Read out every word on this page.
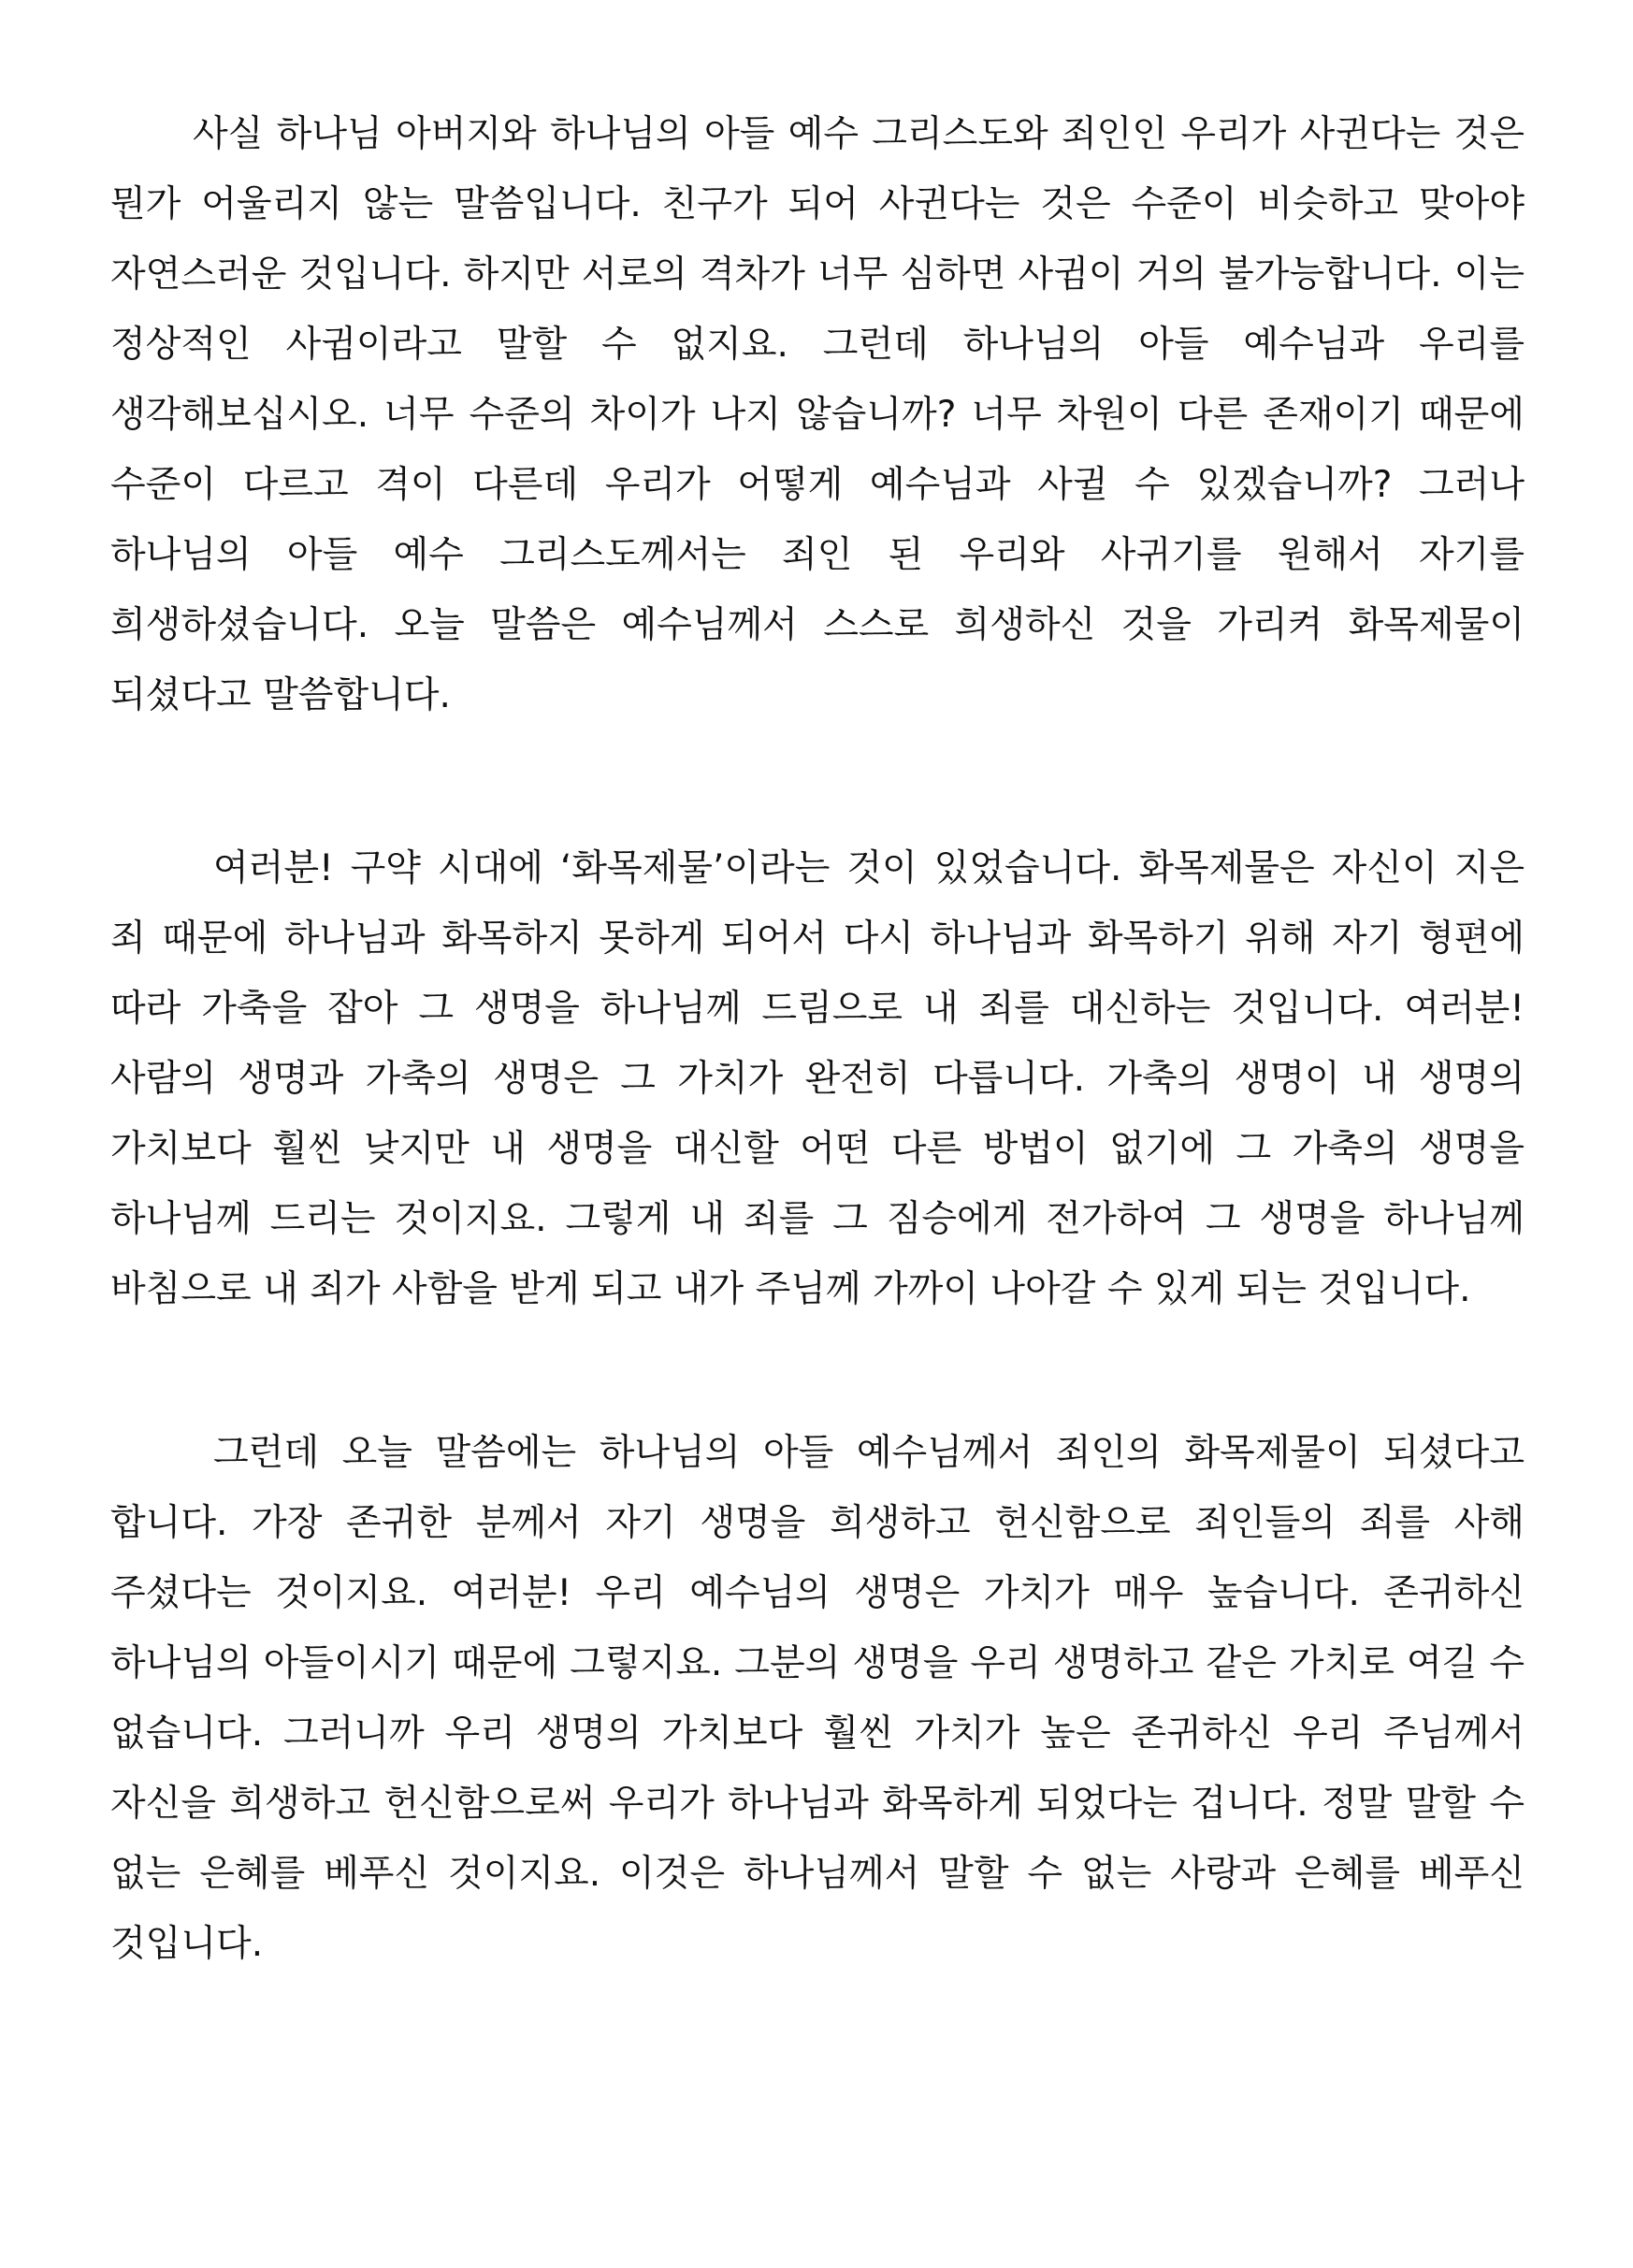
사실 하나님 아버지와 하나님의 아들 예수 그리스도와 죄인인 우리가 사귄다는 것은 뭔가 어울리지 않는 말씀입니다. 친구가 되어 사귄다는 것은 수준이 비슷하고 맞아야 자연스러운 것입니다. 하지만 서로의 격차가 너무 심하면 사귐이 거의 불가능합니다. 이는 정상적인 사귐이라고 말할 수 없지요. 그런데 하나님의 아들 예수님과 우리를 생각해보십시오. 너무 수준의 차이가 나지 않습니까? 너무 차원이 다른 존재이기 때문에 수준이 다르고 격이 다른데 우리가 어떻게 예수님과 사귈 수 있겠습니까? 그러나 하나님의 아들 예수 그리스도께서는 죄인 된 우리와 사귀기를 원해서 자기를 희생하셨습니다. 오늘 말씀은 예수님께서 스스로 희생하신 것을 가리켜 화목제물이 되셨다고 말씀합니다.

여러분! 구약 시대에 ‘화목제물’이라는 것이 있었습니다. 화목제물은 자신이 지은 죄 때문에 하나님과 화목하지 못하게 되어서 다시 하나님과 화목하기 위해 자기 형편에 따라 가축을 잡아 그 생명을 하나님께 드림으로 내 죄를 대신하는 것입니다. 여러분! 사람의 생명과 가축의 생명은 그 가치가 완전히 다릅니다. 가축의 생명이 내 생명의 가치보다 훨씬 낮지만 내 생명을 대신할 어떤 다른 방법이 없기에 그 가축의 생명을 하나님께 드리는 것이지요. 그렇게 내 죄를 그 짐승에게 전가하여 그 생명을 하나님께 바침으로 내 죄가 사함을 받게 되고 내가 주님께 가까이 나아갈 수 있게 되는 것입니다.

그런데 오늘 말씀에는 하나님의 아들 예수님께서 죄인의 화목제물이 되셨다고 합니다. 가장 존귀한 분께서 자기 생명을 희생하고 헌신함으로 죄인들의 죄를 사해 주셨다는 것이지요. 여러분! 우리 예수님의 생명은 가치가 매우 높습니다. 존귀하신 하나님의 아들이시기 때문에 그렇지요. 그분의 생명을 우리 생명하고 같은 가치로 여길 수 없습니다. 그러니까 우리 생명의 가치보다 훨씬 가치가 높은 존귀하신 우리 주님께서 자신을 희생하고 헌신함으로써 우리가 하나님과 화목하게 되었다는 겁니다. 정말 말할 수 없는 은혜를 베푸신 것이지요. 이것은 하나님께서 말할 수 없는 사랑과 은혜를 베푸신 것입니다.
